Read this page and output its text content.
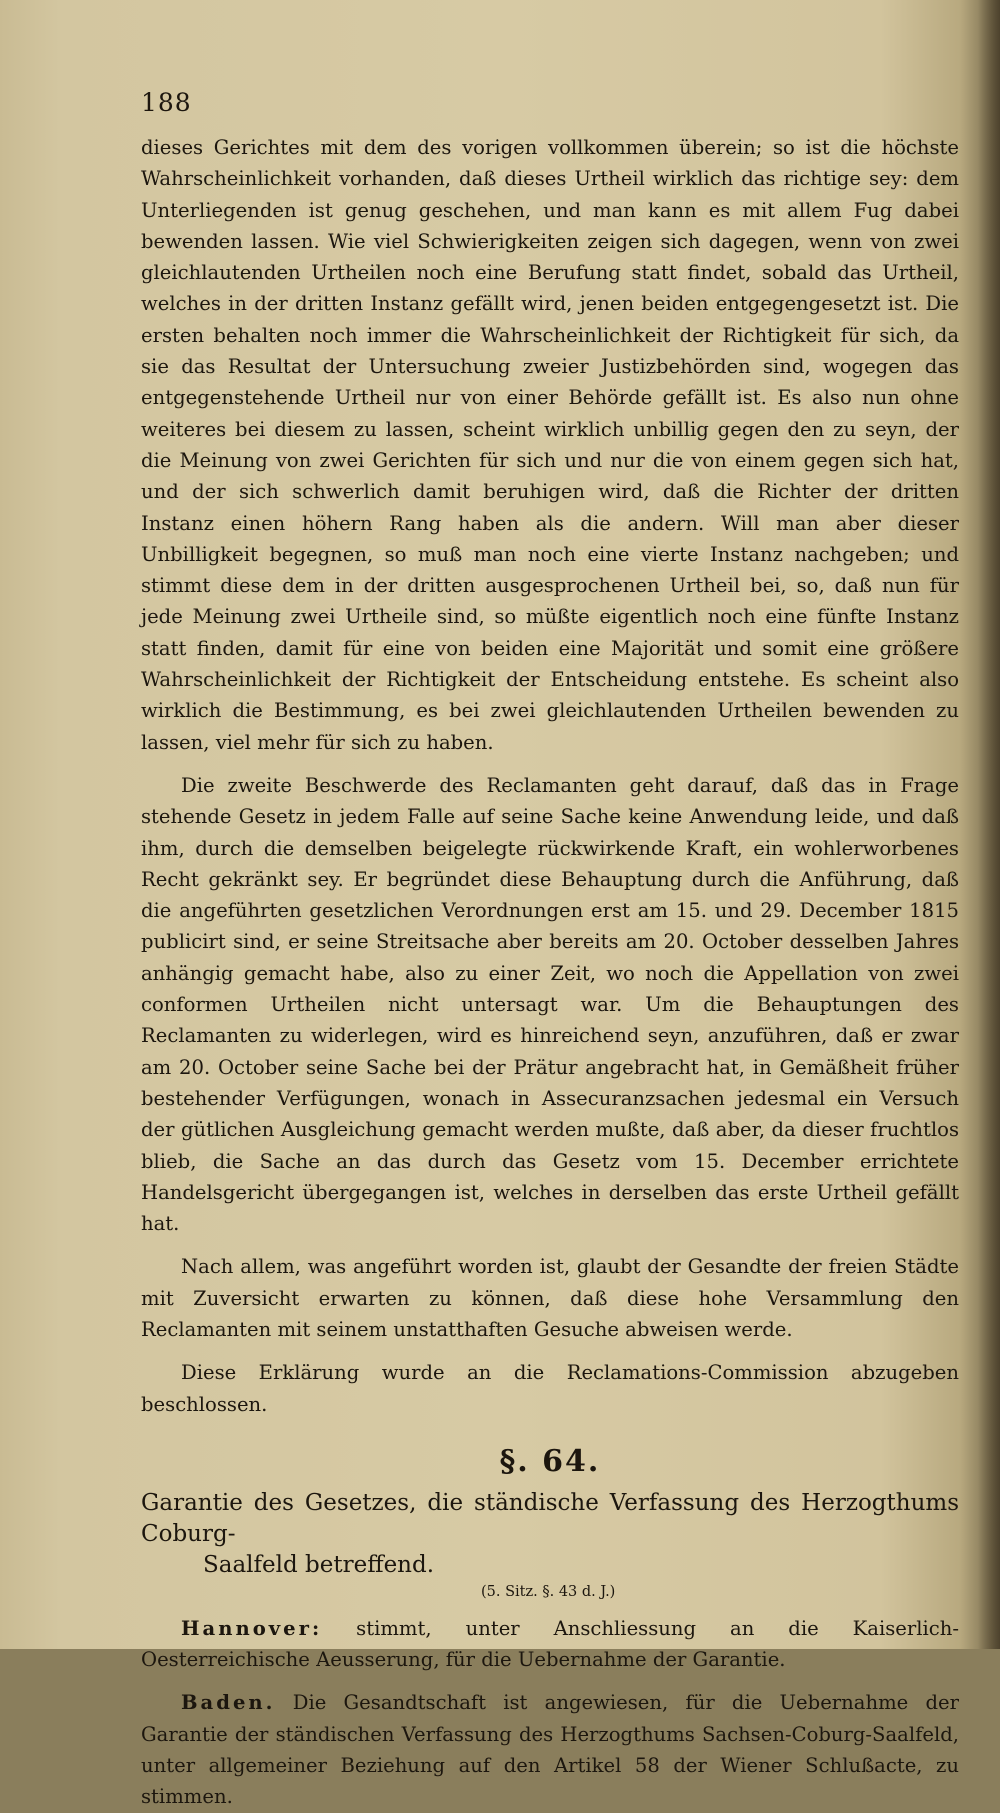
188

dieses Gerichtes mit dem des vorigen vollkommen überein; so ist die höchste Wahrscheinlichkeit vorhanden, daß dieses Urtheil wirklich das richtige sey: dem Unterliegenden ist genug geschehen, und man kann es mit allem Fug dabei bewenden lassen. Wie viel Schwierigkeiten zeigen sich dagegen, wenn von zwei gleichlautenden Urtheilen noch eine Berufung statt findet, sobald das Urtheil, welches in der dritten Instanz gefällt wird, jenen beiden entgegengesetzt ist. Die ersten behalten noch immer die Wahrscheinlichkeit der Richtigkeit für sich, da sie das Resultat der Untersuchung zweier Justizbehörden sind, wogegen das entgegenstehende Urtheil nur von einer Behörde gefällt ist. Es also nun ohne weiteres bei diesem zu lassen, scheint wirklich unbillig gegen den zu seyn, der die Meinung von zwei Gerichten für sich und nur die von einem gegen sich hat, und der sich schwerlich damit beruhigen wird, daß die Richter der dritten Instanz einen höhern Rang haben als die andern. Will man aber dieser Unbilligkeit begegnen, so muß man noch eine vierte Instanz nachgeben; und stimmt diese dem in der dritten ausgesprochenen Urtheil bei, so, daß nun für jede Meinung zwei Urtheile sind, so müßte eigentlich noch eine fünfte Instanz statt finden, damit für eine von beiden eine Majorität und somit eine größere Wahrscheinlichkeit der Richtigkeit der Entscheidung entstehe. Es scheint also wirklich die Bestimmung, es bei zwei gleichlautenden Urtheilen bewenden zu lassen, viel mehr für sich zu haben.

Die zweite Beschwerde des Reclamanten geht darauf, daß das in Frage stehende Gesetz in jedem Falle auf seine Sache keine Anwendung leide, und daß ihm, durch die demselben beigelegte rückwirkende Kraft, ein wohlerworbenes Recht gekränkt sey. Er begründet diese Behauptung durch die Anführung, daß die angeführten gesetzlichen Verordnungen erst am 15. und 29. December 1815 publicirt sind, er seine Streitsache aber bereits am 20. October desselben Jahres anhängig gemacht habe, also zu einer Zeit, wo noch die Appellation von zwei conformen Urtheilen nicht untersagt war. Um die Behauptungen des Reclamanten zu widerlegen, wird es hinreichend seyn, anzuführen, daß er zwar am 20. October seine Sache bei der Prätur angebracht hat, in Gemäßheit früher bestehender Verfügungen, wonach in Assecuranzsachen jedesmal ein Versuch der gütlichen Ausgleichung gemacht werden mußte, daß aber, da dieser fruchtlos blieb, die Sache an das durch das Gesetz vom 15. December errichtete Handelsgericht übergegangen ist, welches in derselben das erste Urtheil gefällt hat.

Nach allem, was angeführt worden ist, glaubt der Gesandte der freien Städte mit Zuversicht erwarten zu können, daß diese hohe Versammlung den Reclamanten mit seinem unstatthaften Gesuche abweisen werde.

Diese Erklärung wurde an die Reclamations-Commission abzugeben beschlossen.

§. 64.
Garantie des Gesetzes, die ständische Verfassung des Herzogthums Coburg-
Saalfeld betreffend.
(5. Sitz. §. 43 d. J.)

Hannover: stimmt, unter Anschliessung an die Kaiserlich-Oesterreichische Aeusserung, für die Uebernahme der Garantie.

Baden. Die Gesandtschaft ist angewiesen, für die Uebernahme der Garantie der ständischen Verfassung des Herzogthums Sachsen-Coburg-Saalfeld, unter allgemeiner Beziehung auf den Artikel 58 der Wiener Schlußacte, zu stimmen.
